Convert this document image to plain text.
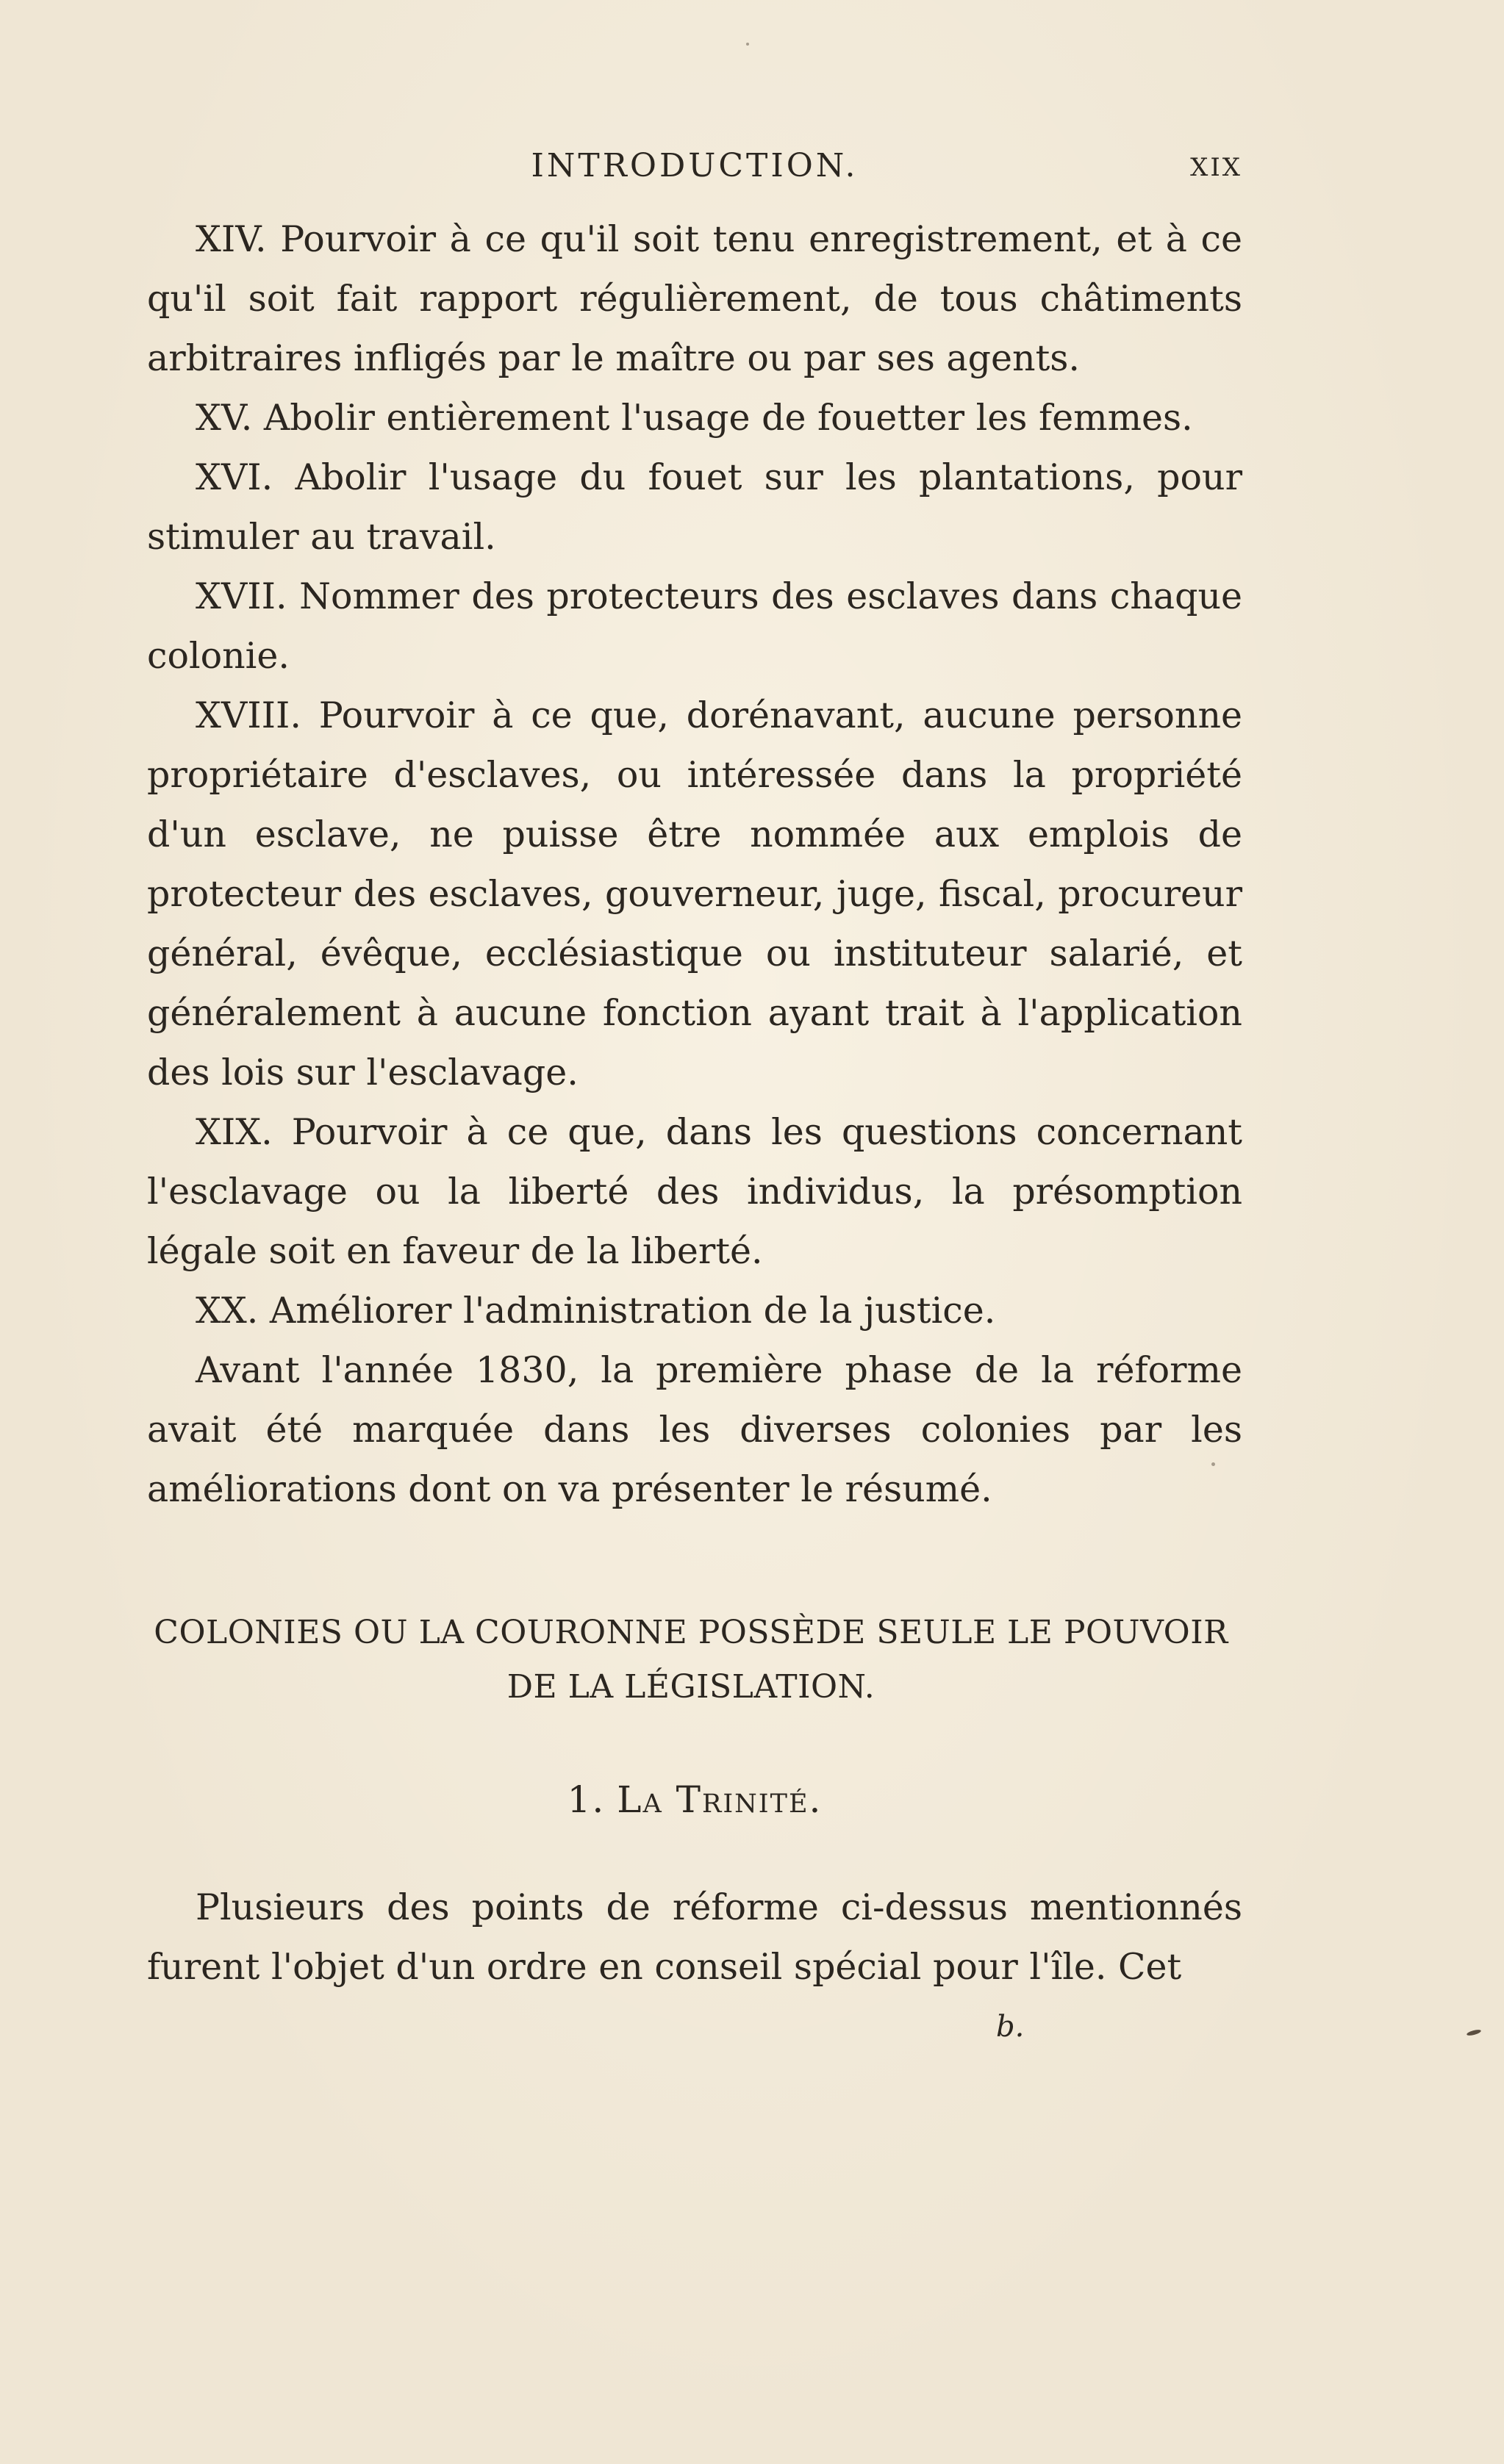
INTRODUCTION.	XIX

XIV. Pourvoir à ce qu'il soit tenu enregistrement, et à ce qu'il soit fait rapport régulièrement, de tous châtiments arbitraires infligés par le maître ou par ses agents.

XV. Abolir entièrement l'usage de fouetter les femmes.

XVI. Abolir l'usage du fouet sur les plantations, pour stimuler au travail.

XVII. Nommer des protecteurs des esclaves dans chaque colonie.

XVIII. Pourvoir à ce que, dorénavant, aucune personne propriétaire d'esclaves, ou intéressée dans la propriété d'un esclave, ne puisse être nommée aux emplois de protecteur des esclaves, gouverneur, juge, fiscal, procureur général, évêque, ecclésiastique ou instituteur salarié, et généralement à aucune fonction ayant trait à l'application des lois sur l'esclavage.

XIX. Pourvoir à ce que, dans les questions concernant l'esclavage ou la liberté des individus, la présomption légale soit en faveur de la liberté.

XX. Améliorer l'administration de la justice.

Avant l'année 1830, la première phase de la réforme avait été marquée dans les diverses colonies par les améliorations dont on va présenter le résumé.

COLONIES OU LA COURONNE POSSÈDE SEULE LE POUVOIR
DE LA LÉGISLATION.
1. La Trinité.

Plusieurs des points de réforme ci-dessus mentionnés furent l'objet d'un ordre en conseil spécial pour l'île. Cet

b.
